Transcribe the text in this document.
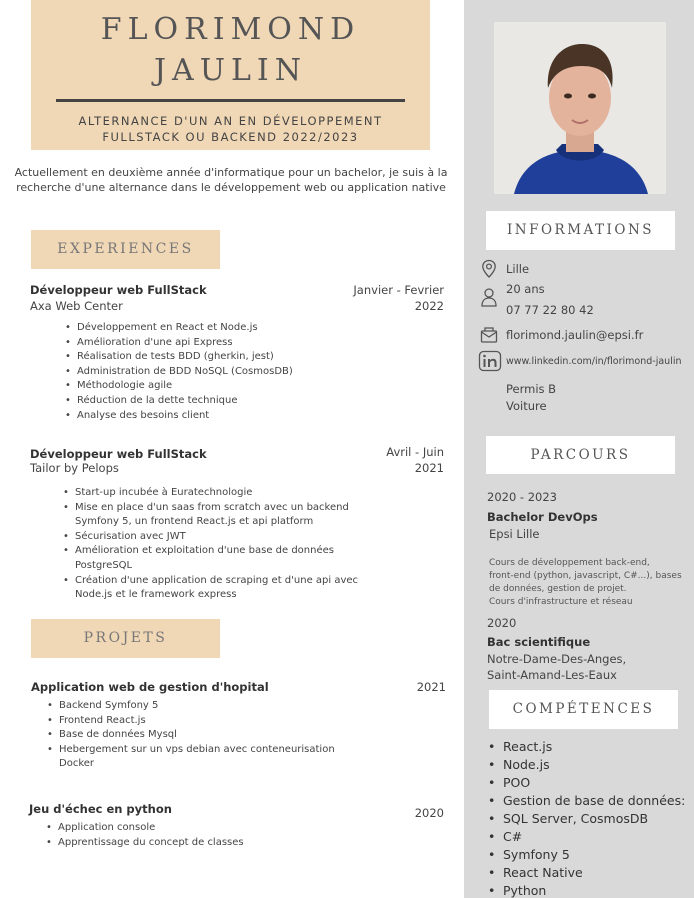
FLORIMOND
JAULIN
ALTERNANCE D'UN AN EN DÉVELOPPEMENT
FULLSTACK OU BACKEND 2022/2023
Actuellement en deuxième année d'informatique pour un bachelor, je suis à la
recherche d'une alternance dans le développement web ou application native
EXPERIENCES
Développeur web FullStack
Axa Web Center
Janvier - Fevrier
2022
• Développement en React et Node.js
• Amélioration d'une api Express
• Réalisation de tests BDD (gherkin, jest)
• Administration de BDD NoSQL (CosmosDB)
• Méthodologie agile
• Réduction de la dette technique
• Analyse des besoins client
Développeur web FullStack
Tailor by Pelops
Avril - Juin
2021
• Start-up incubée à Euratechnologie
• Mise en place d'un saas from scratch avec un backend
Symfony 5, un frontend React.js et api platform
• Sécurisation avec JWT
• Amélioration et exploitation d'une base de données
PostgreSQL
• Création d'une application de scraping et d'une api avec
Node.js et le framework express
PROJETS
Application web de gestion d'hopital	2021
• Backend Symfony 5
• Frontend React.js
• Base de données Mysql
• Hebergement sur un vps debian avec conteneurisation
Docker
Jeu d'échec en python	2020
• Application console
• Apprentissage du concept de classes
INFORMATIONS
Lille
20 ans
07 77 22 80 42
florimond.jaulin@epsi.fr
www.linkedin.com/in/florimond-jaulin
Permis B
Voiture
PARCOURS
2020 - 2023
Bachelor DevOps
Epsi Lille
Cours de développement back-end,
front-end (python, javascript, C#...), bases
de données, gestion de projet.
Cours d'infrastructure et réseau
2020
Bac scientifique
Notre-Dame-Des-Anges,
Saint-Amand-Les-Eaux
COMPÉTENCES
• React.js
• Node.js
• POO
• Gestion de base de données:
• SQL Server, CosmosDB
• C#
• Symfony 5
• React Native
• Python
